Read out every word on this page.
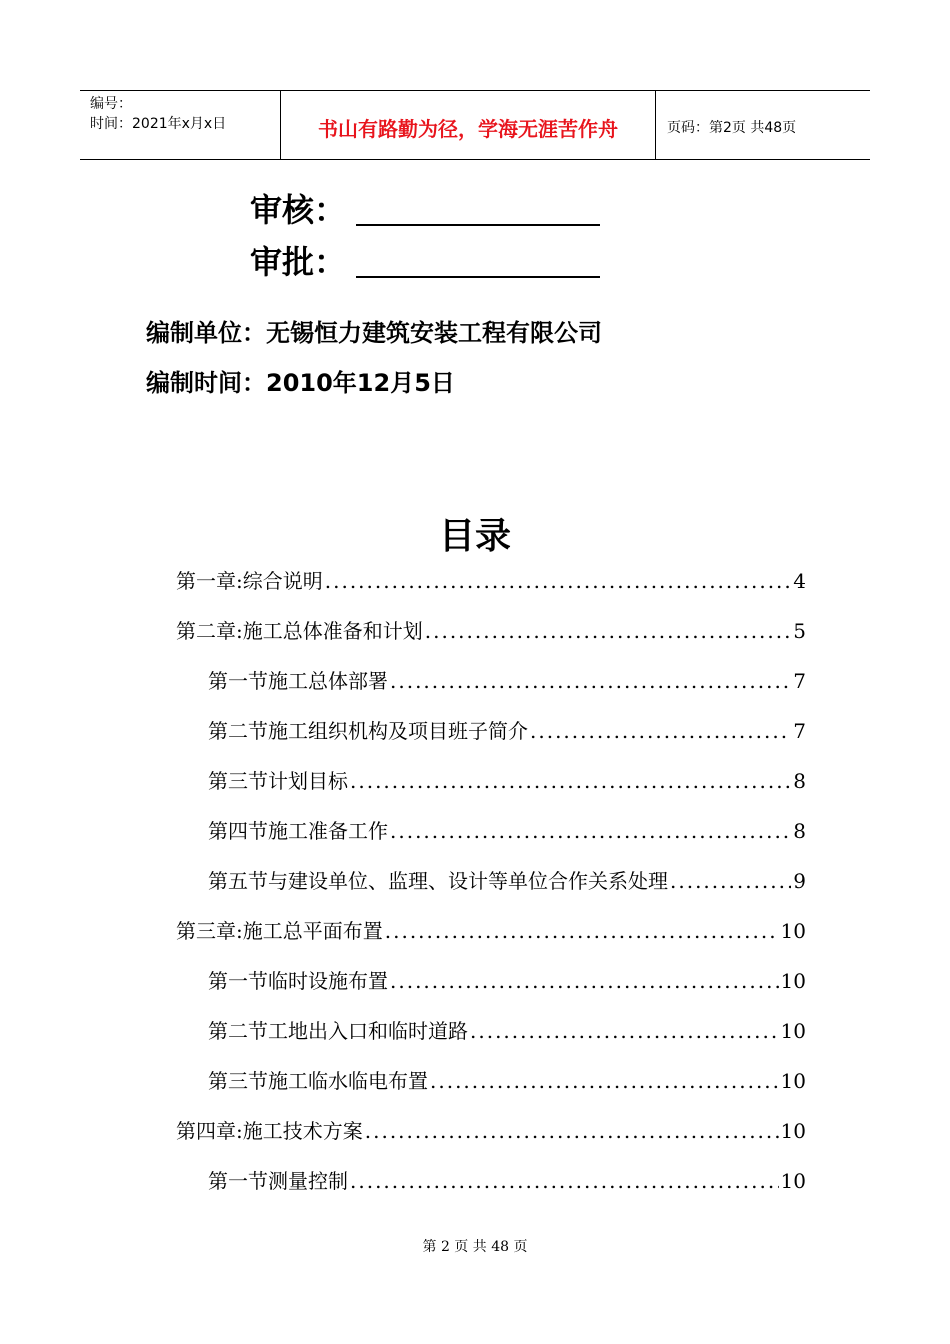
编号：
时间：2021年x月x日	书山有路勤为径，学海无涯苦作舟	页码：第2页 共48页
审核：
审批：
编制单位：无锡恒力建筑安装工程有限公司
编制时间：2010年12月5日
目录
第一章:综合说明 .....	4
第二章:施工总体准备和计划 .....	5
第一节施工总体部署 .....	7
第二节施工组织机构及项目班子简介 .....	7
第三节计划目标 .....	8
第四节施工准备工作 .....	8
第五节与建设单位、监理、设计等单位合作关系处理 .....	9
第三章:施工总平面布置 .....	10
第一节临时设施布置 .....	10
第二节工地出入口和临时道路 .....	10
第三节施工临水临电布置 .....	10
第四章:施工技术方案 .....	10
第一节测量控制 .....	10
第 2 页 共 48 页
